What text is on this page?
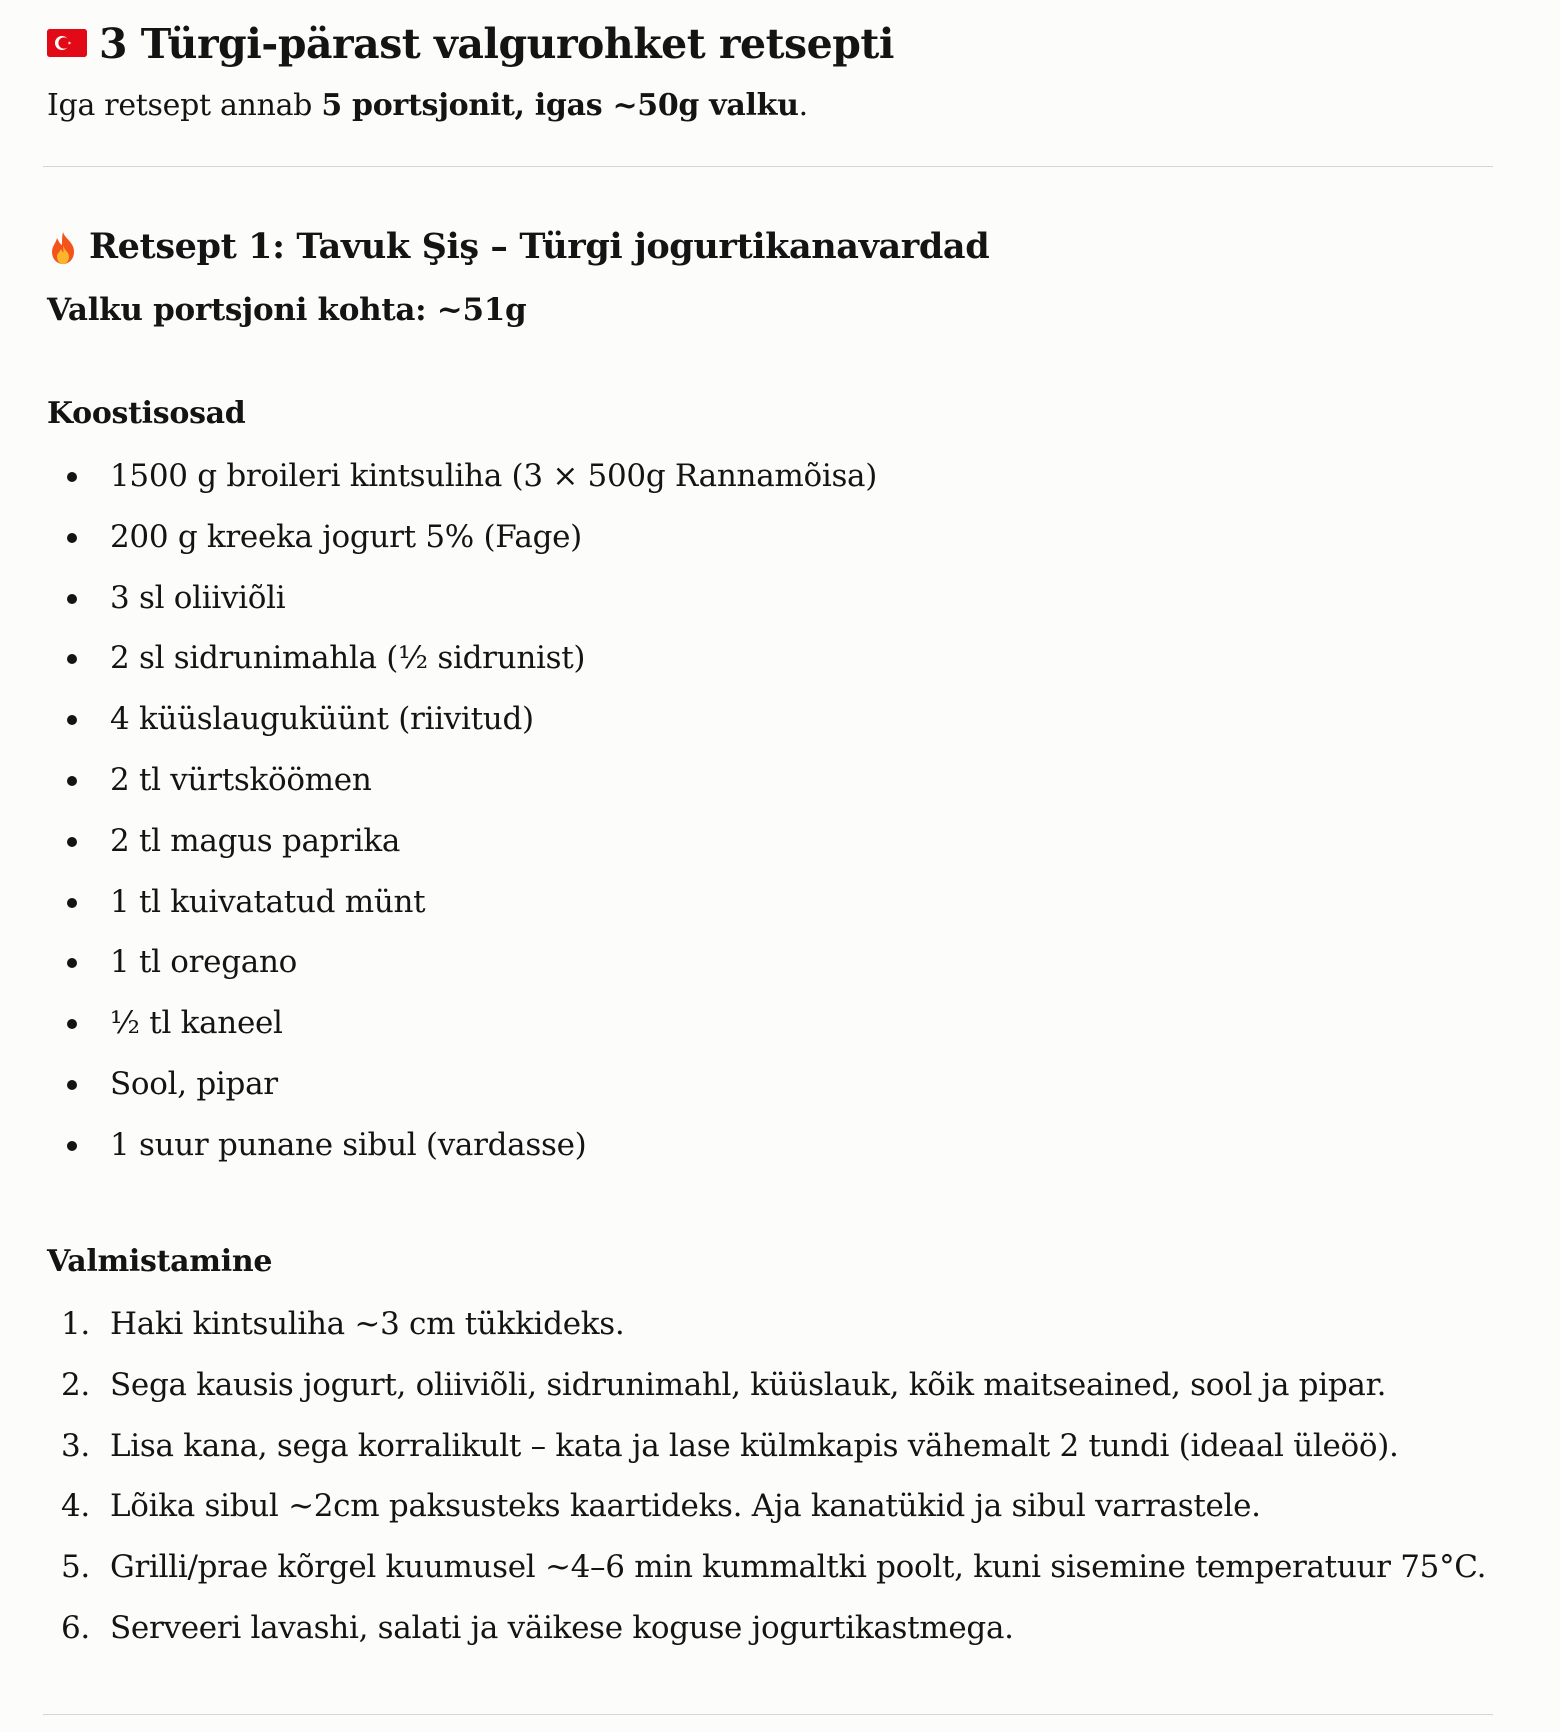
3 Türgi-pärast valgurohket retsepti

Iga retsept annab 5 portsjonit, igas ~50g valku.

Retsept 1: Tavuk Şiş – Türgi jogurtikanavardad

Valku portsjoni kohta: ~51g

Koostisosad
1500 g broileri kintsuliha (3 × 500g Rannamõisa)
200 g kreeka jogurt 5% (Fage)
3 sl oliiviõli
2 sl sidrunimahla (½ sidrunist)
4 küüslauguküünt (riivitud)
2 tl vürtsköömen
2 tl magus paprika
1 tl kuivatatud münt
1 tl oregano
½ tl kaneel
Sool, pipar
1 suur punane sibul (vardasse)
Valmistamine
1. Haki kintsuliha ~3 cm tükkideks.
2. Sega kausis jogurt, oliiviõli, sidrunimahl, küüslauk, kõik maitseained, sool ja pipar.
3. Lisa kana, sega korralikult – kata ja lase külmkapis vähemalt 2 tundi (ideaal üleöö).
4. Lõika sibul ~2cm paksusteks kaartideks. Aja kanatükid ja sibul varrastele.
5. Grilli/prae kõrgel kuumusel ~4–6 min kummaltki poolt, kuni sisemine temperatuur 75°C.
6. Serveeri lavashi, salati ja väikese koguse jogurtikastmega.
